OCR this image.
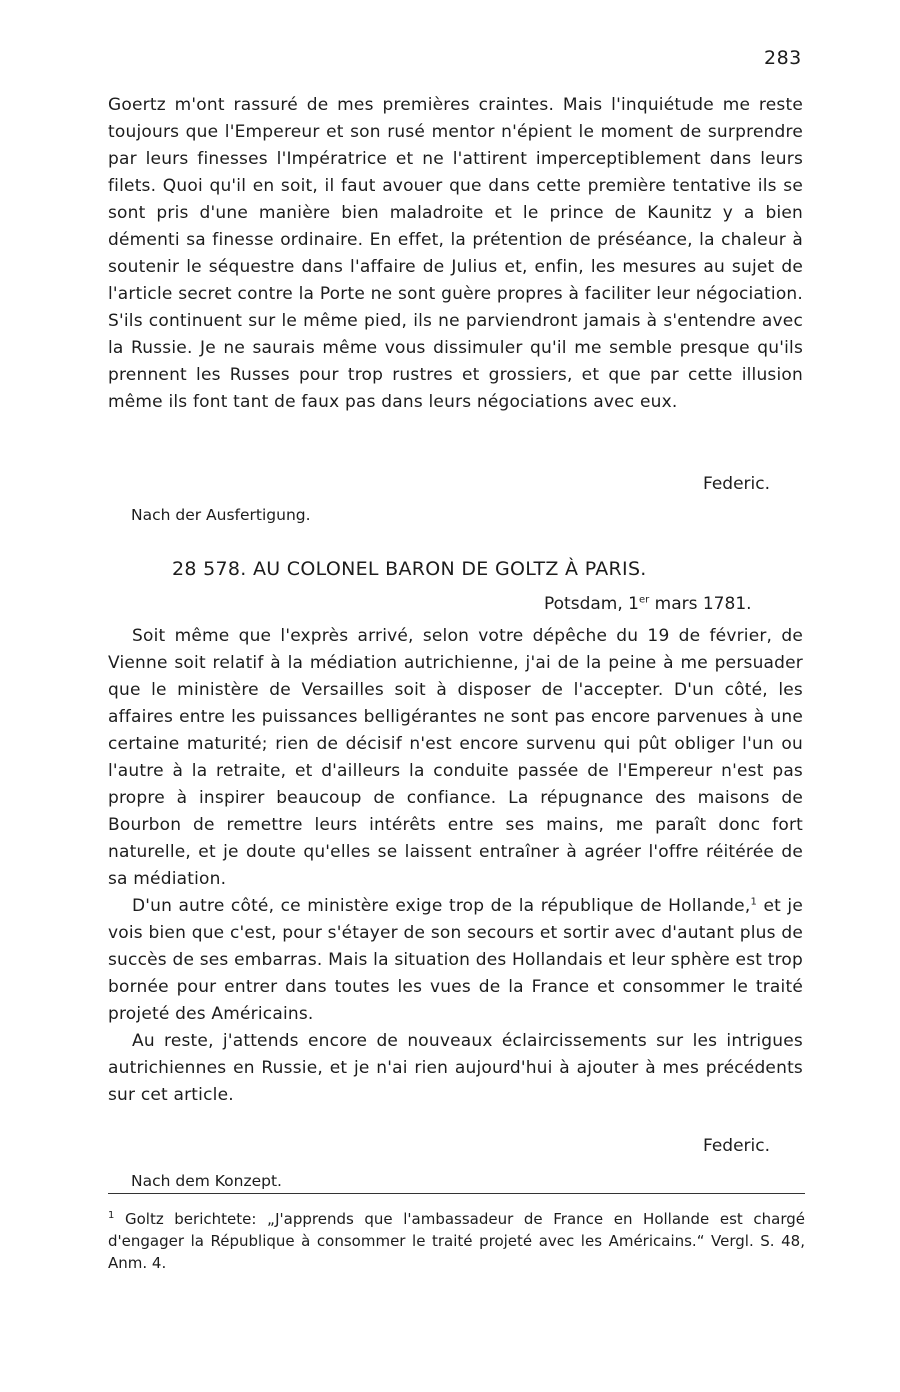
283

Goertz m'ont rassuré de mes premières craintes. Mais l'inquiétude me reste toujours que l'Empereur et son rusé mentor n'épient le moment de surprendre par leurs finesses l'Impératrice et ne l'attirent imperceptiblement dans leurs filets. Quoi qu'il en soit, il faut avouer que dans cette première tentative ils se sont pris d'une manière bien maladroite et le prince de Kaunitz y a bien démenti sa finesse ordinaire. En effet, la prétention de préséance, la chaleur à soutenir le séquestre dans l'affaire de Julius et, enfin, les mesures au sujet de l'article secret contre la Porte ne sont guère propres à faciliter leur négociation. S'ils continuent sur le même pied, ils ne parviendront jamais à s'entendre avec la Russie. Je ne saurais même vous dissimuler qu'il me semble presque qu'ils prennent les Russes pour trop rustres et grossiers, et que par cette illusion même ils font tant de faux pas dans leurs négociations avec eux.

Federic.
Nach der Ausfertigung.
28 578. AU COLONEL BARON DE GOLTZ À PARIS.
Potsdam, 1er mars 1781.

Soit même que l'exprès arrivé, selon votre dépêche du 19 de février, de Vienne soit relatif à la médiation autrichienne, j'ai de la peine à me persuader que le ministère de Versailles soit à disposer de l'accepter. D'un côté, les affaires entre les puissances belligérantes ne sont pas encore parvenues à une certaine maturité; rien de décisif n'est encore survenu qui pût obliger l'un ou l'autre à la retraite, et d'ailleurs la conduite passée de l'Empereur n'est pas propre à inspirer beaucoup de confiance. La répugnance des maisons de Bourbon de remettre leurs intérêts entre ses mains, me paraît donc fort naturelle, et je doute qu'elles se laissent entraîner à agréer l'offre réitérée de sa médiation.

D'un autre côté, ce ministère exige trop de la république de Hollande,$^1$ et je vois bien que c'est, pour s'étayer de son secours et sortir avec d'autant plus de succès de ses embarras. Mais la situation des Hollandais et leur sphère est trop bornée pour entrer dans toutes les vues de la France et consommer le traité projeté des Américains.

Au reste, j'attends encore de nouveaux éclaircissements sur les intrigues autrichiennes en Russie, et je n'ai rien aujourd'hui à ajouter à mes précédents sur cet article.

Federic.
Nach dem Konzept.
$^1$ Goltz berichtete: „J'apprends que l'ambassadeur de France en Hollande est chargé d'engager la République à consommer le traité projeté avec les Américains.“ Vergl. S. 48, Anm. 4.
